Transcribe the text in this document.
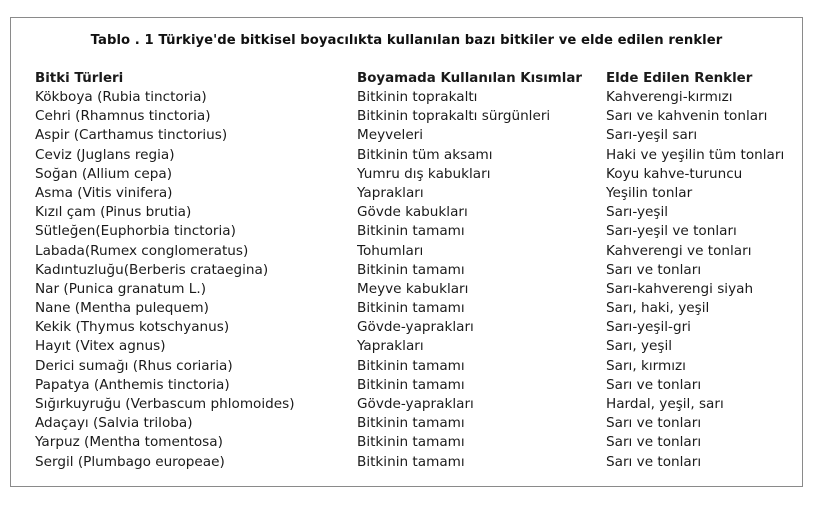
Tablo . 1 Türkiye'de bitkisel boyacılıkta kullanılan bazı bitkiler ve elde edilen renkler
Bitki Türleri	Boyamada Kullanılan Kısımlar	Elde Edilen Renkler
Kökboya (Rubia tinctoria)	Bitkinin toprakaltı	Kahverengi-kırmızı
Cehri (Rhamnus tinctoria)	Bitkinin toprakaltı sürgünleri	Sarı ve kahvenin tonları
Aspir (Carthamus tinctorius)	Meyveleri	Sarı-yeşil sarı
Ceviz (Juglans regia)	Bitkinin tüm aksamı	Haki ve yeşilin tüm tonları
Soğan (Allium cepa)	Yumru dış kabukları	Koyu kahve-turuncu
Asma (Vitis vinifera)	Yaprakları	Yeşilin tonlar
Kızıl çam (Pinus brutia)	Gövde kabukları	Sarı-yeşil
Sütleğen(Euphorbia tinctoria)	Bitkinin tamamı	Sarı-yeşil ve tonları
Labada(Rumex conglomeratus)	Tohumları	Kahverengi ve tonları
Kadıntuzluğu(Berberis crataegina)	Bitkinin tamamı	Sarı ve tonları
Nar (Punica granatum L.)	Meyve kabukları	Sarı-kahverengi siyah
Nane (Mentha pulequem)	Bitkinin tamamı	Sarı, haki, yeşil
Kekik (Thymus kotschyanus)	Gövde-yaprakları	Sarı-yeşil-gri
Hayıt (Vitex agnus)	Yaprakları	Sarı, yeşil
Derici sumağı (Rhus coriaria)	Bitkinin tamamı	Sarı, kırmızı
Papatya (Anthemis tinctoria)	Bitkinin tamamı	Sarı ve tonları
Sığırkuyruğu (Verbascum phlomoides)	Gövde-yaprakları	Hardal, yeşil, sarı
Adaçayı (Salvia triloba)	Bitkinin tamamı	Sarı ve tonları
Yarpuz (Mentha tomentosa)	Bitkinin tamamı	Sarı ve tonları
Sergil (Plumbago europeae)	Bitkinin tamamı	Sarı ve tonları
